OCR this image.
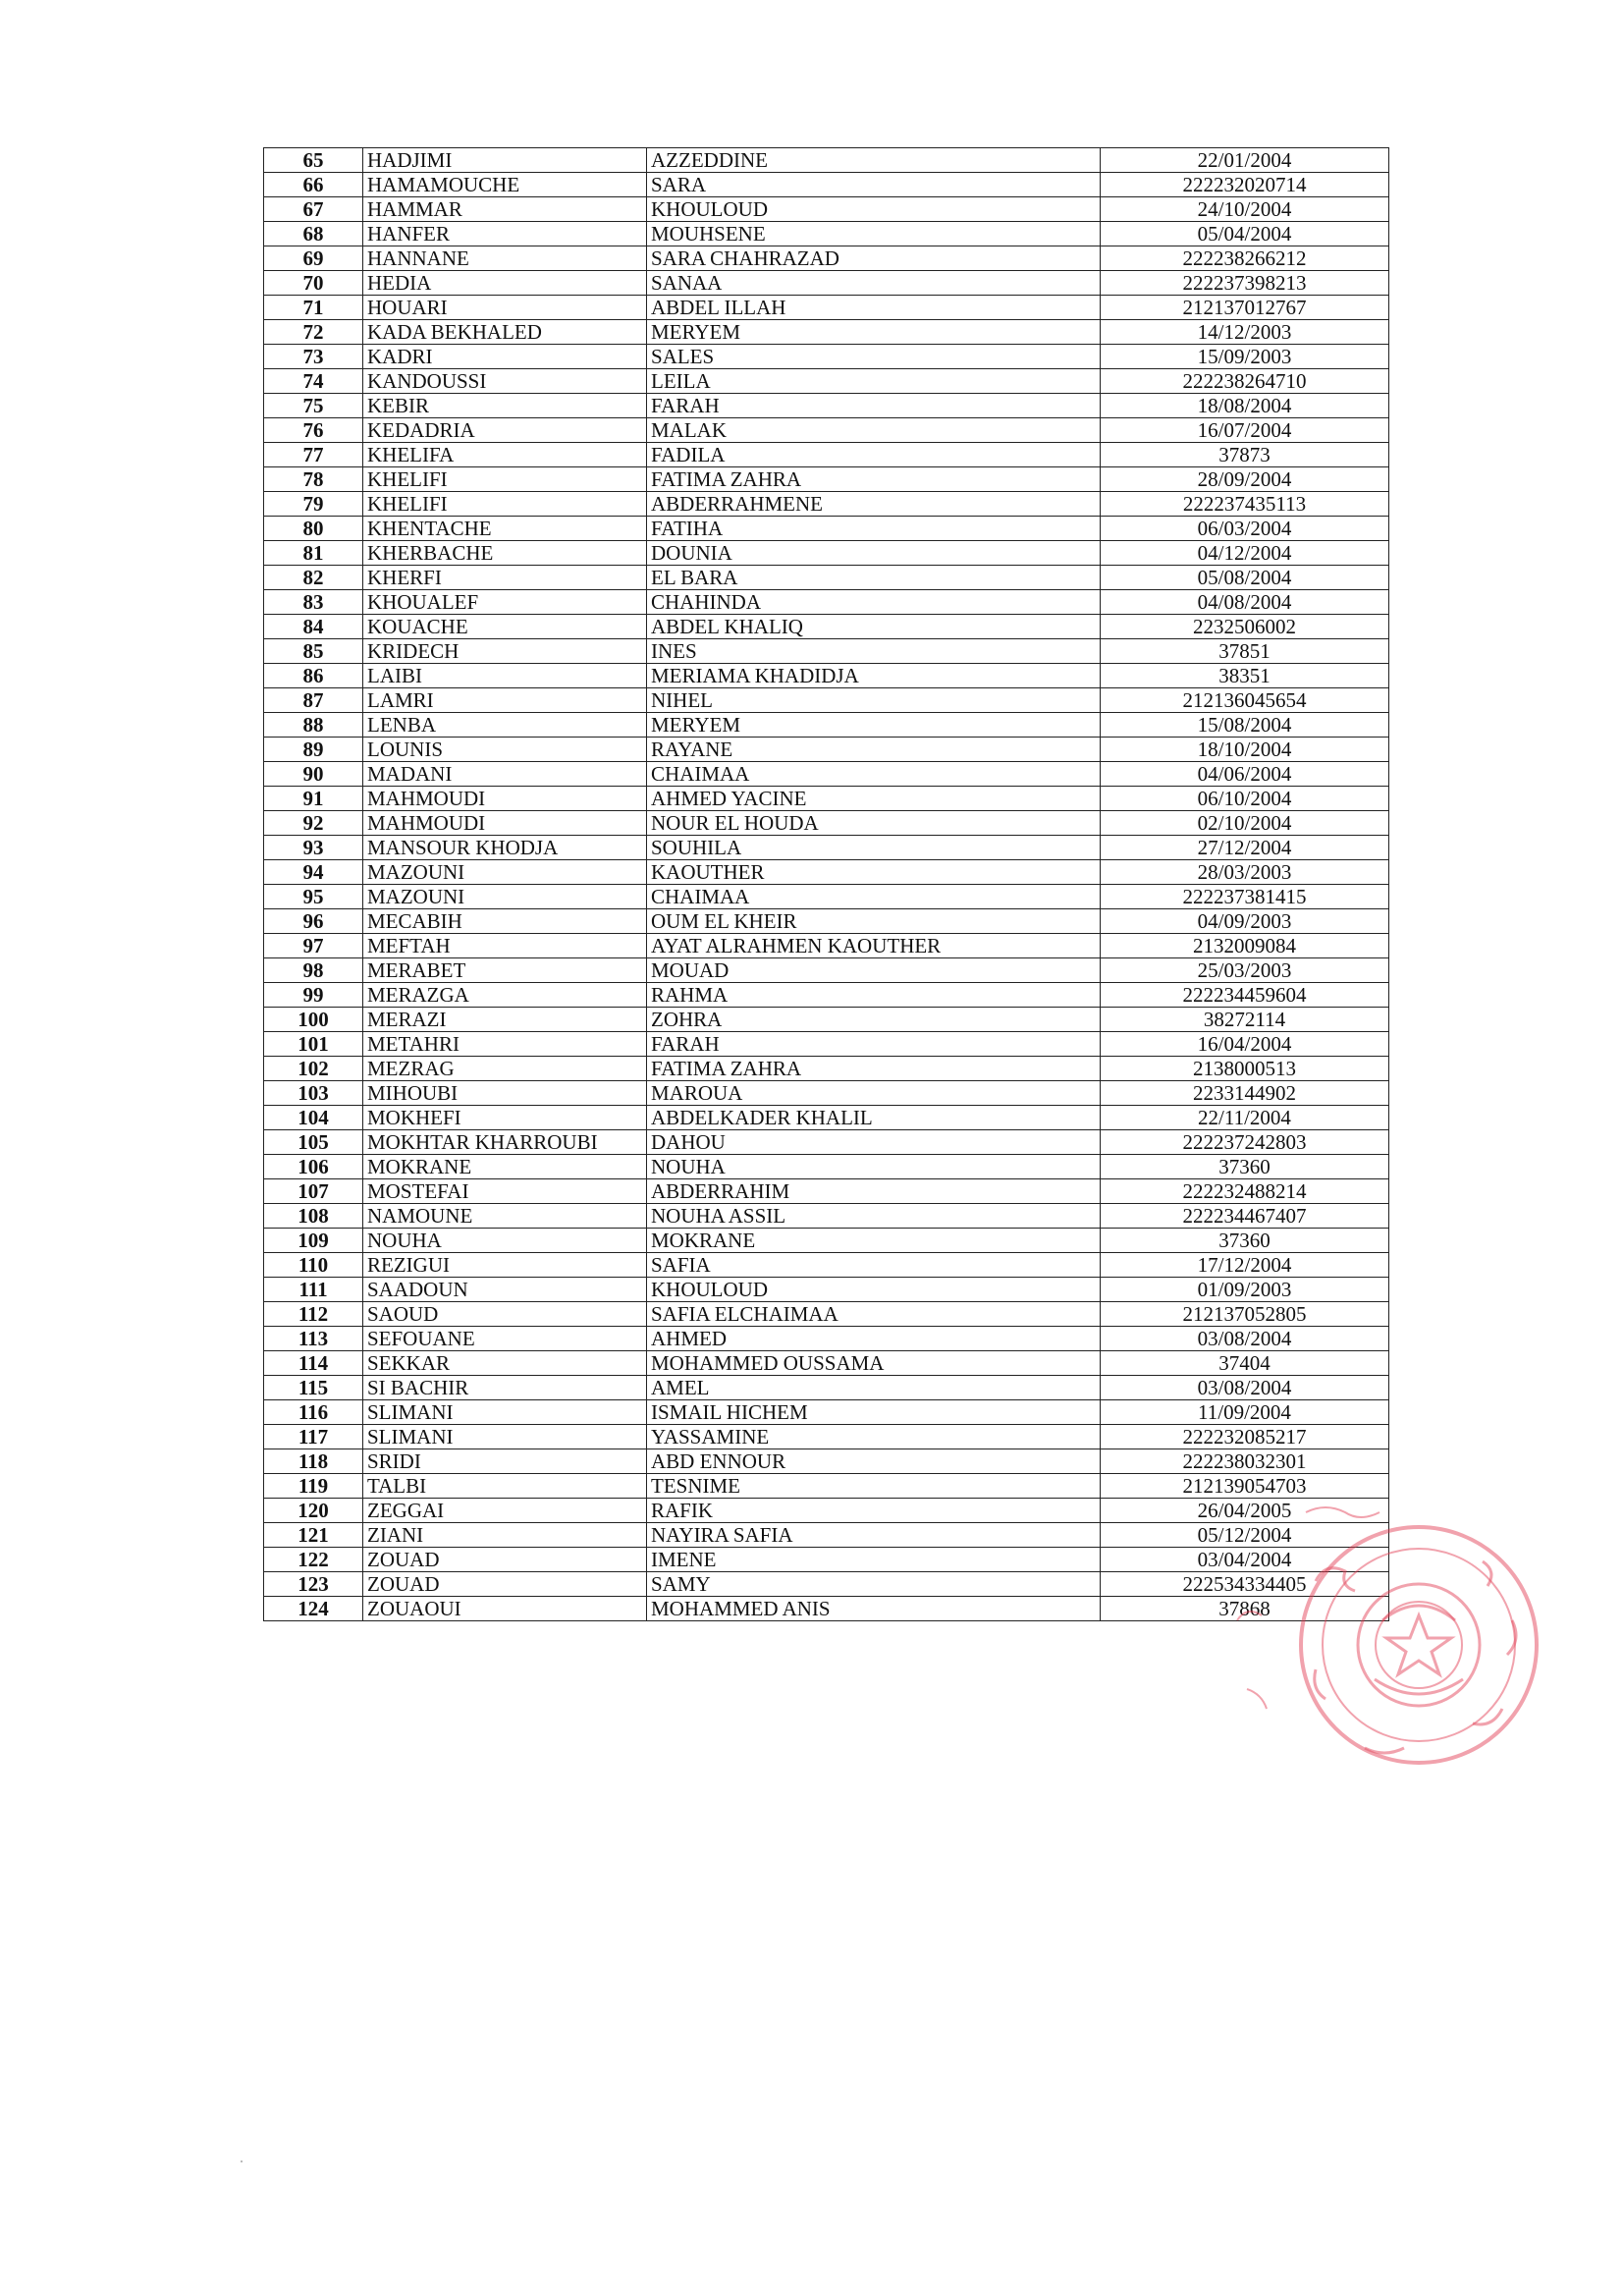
65	HADJIMI	AZZEDDINE	22/01/2004
66	HAMAMOUCHE	SARA	222232020714
67	HAMMAR	KHOULOUD	24/10/2004
68	HANFER	MOUHSENE	05/04/2004
69	HANNANE	SARA CHAHRAZAD	222238266212
70	HEDIA	SANAA	222237398213
71	HOUARI	ABDEL ILLAH	212137012767
72	KADA BEKHALED	MERYEM	14/12/2003
73	KADRI	SALES	15/09/2003
74	KANDOUSSI	LEILA	222238264710
75	KEBIR	FARAH	18/08/2004
76	KEDADRIA	MALAK	16/07/2004
77	KHELIFA	FADILA	37873
78	KHELIFI	FATIMA ZAHRA	28/09/2004
79	KHELIFI	ABDERRAHMENE	222237435113
80	KHENTACHE	FATIHA	06/03/2004
81	KHERBACHE	DOUNIA	04/12/2004
82	KHERFI	EL BARA	05/08/2004
83	KHOUALEF	CHAHINDA	04/08/2004
84	KOUACHE	ABDEL KHALIQ	2232506002
85	KRIDECH	INES	37851
86	LAIBI	MERIAMA KHADIDJA	38351
87	LAMRI	NIHEL	212136045654
88	LENBA	MERYEM	15/08/2004
89	LOUNIS	RAYANE	18/10/2004
90	MADANI	CHAIMAA	04/06/2004
91	MAHMOUDI	AHMED YACINE	06/10/2004
92	MAHMOUDI	NOUR EL HOUDA	02/10/2004
93	MANSOUR KHODJA	SOUHILA	27/12/2004
94	MAZOUNI	KAOUTHER	28/03/2003
95	MAZOUNI	CHAIMAA	222237381415
96	MECABIH	OUM EL KHEIR	04/09/2003
97	MEFTAH	AYAT ALRAHMEN KAOUTHER	2132009084
98	MERABET	MOUAD	25/03/2003
99	MERAZGA	RAHMA	222234459604
100	MERAZI	ZOHRA	38272114
101	METAHRI	FARAH	16/04/2004
102	MEZRAG	FATIMA ZAHRA	2138000513
103	MIHOUBI	MAROUA	2233144902
104	MOKHEFI	ABDELKADER KHALIL	22/11/2004
105	MOKHTAR KHARROUBI	DAHOU	222237242803
106	MOKRANE	NOUHA	37360
107	MOSTEFAI	ABDERRAHIM	222232488214
108	NAMOUNE	NOUHA ASSIL	222234467407
109	NOUHA	MOKRANE	37360
110	REZIGUI	SAFIA	17/12/2004
111	SAADOUN	KHOULOUD	01/09/2003
112	SAOUD	SAFIA ELCHAIMAA	212137052805
113	SEFOUANE	AHMED	03/08/2004
114	SEKKAR	MOHAMMED OUSSAMA	37404
115	SI BACHIR	AMEL	03/08/2004
116	SLIMANI	ISMAIL HICHEM	11/09/2004
117	SLIMANI	YASSAMINE	222232085217
118	SRIDI	ABD ENNOUR	222238032301
119	TALBI	TESNIME	212139054703
120	ZEGGAI	RAFIK	26/04/2005
121	ZIANI	NAYIRA SAFIA	05/12/2004
122	ZOUAD	IMENE	03/04/2004
123	ZOUAD	SAMY	222534334405
124	ZOUAOUI	MOHAMMED ANIS	37868
